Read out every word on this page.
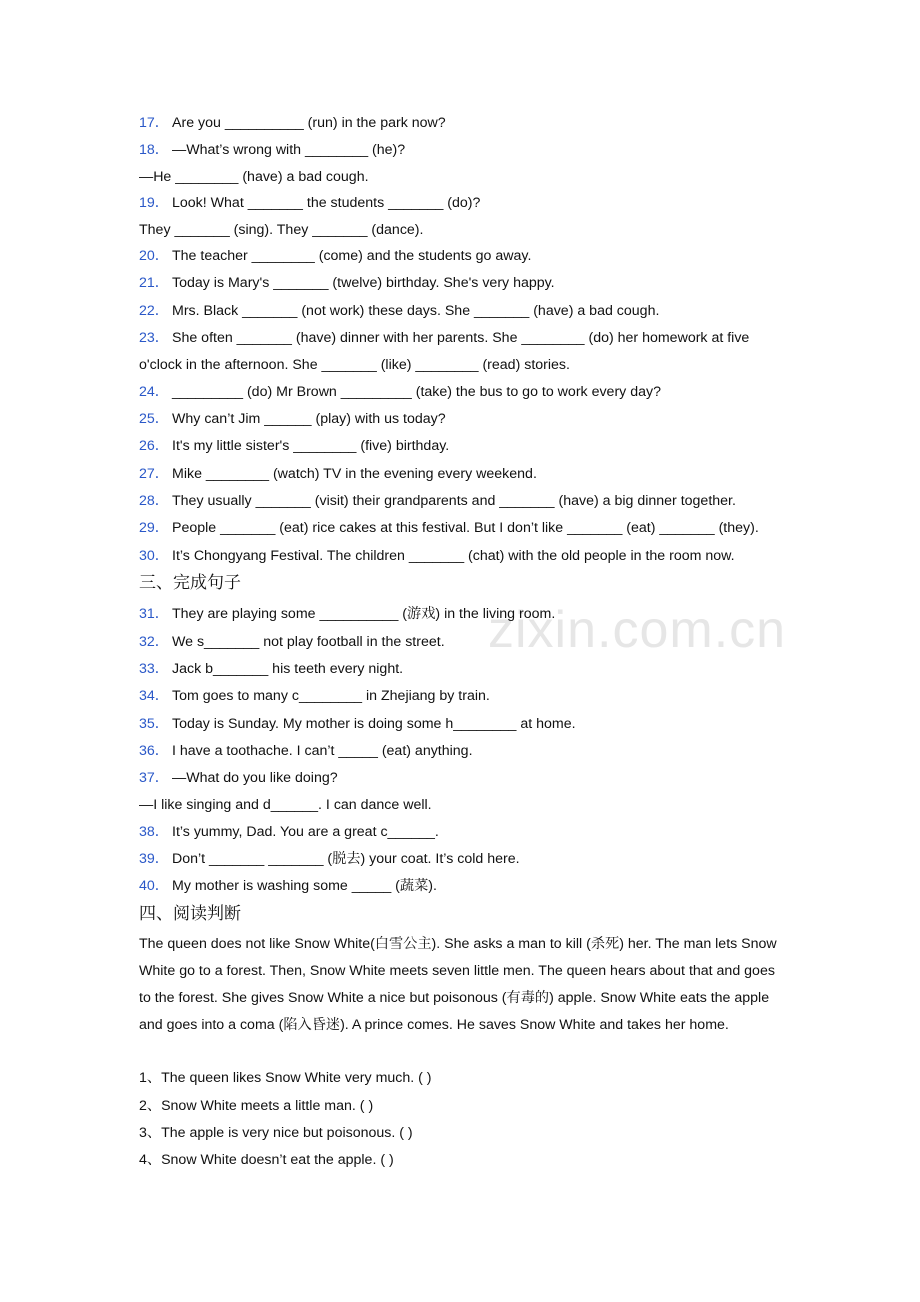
zixin.com.cn
17． Are you __________ (run) in the park now?
18． —What’s wrong with ________ (he)?
—He ________ (have) a bad cough.
19． Look! What _______ the students _______ (do)?
They _______ (sing). They _______ (dance).
20． The teacher ________ (come) and the students go away.
21． Today is Mary's _______ (twelve) birthday. She's very happy.
22． Mrs. Black _______ (not work) these days. She _______ (have) a bad cough.
23． She often _______ (have) dinner with her parents. She ________ (do) her homework at five
o'clock in the afternoon. She _______ (like) ________ (read) stories.
24． _________ (do) Mr Brown _________ (take) the bus to go to work every day?
25． Why can’t Jim ______ (play) with us today?
26． It's my little sister's ________ (five) birthday.
27． Mike ________ (watch) TV in the evening every weekend.
28． They usually _______ (visit) their grandparents and _______ (have) a big dinner together.
29． People _______ (eat) rice cakes at this festival. But I don’t like _______ (eat) _______ (they).
30． It’s Chongyang Festival. The children _______ (chat) with the old people in the room now.
三、完成句子
31． They are playing some __________ (游戏) in the living room.
32． We s_______ not play football in the street.
33． Jack b_______ his teeth every night.
34． Tom goes to many c________ in Zhejiang by train.
35． Today is Sunday. My mother is doing some h________ at home.
36． I have a toothache. I can’t _____ (eat) anything.
37． —What do you like doing?
—I like singing and d______. I can dance well.
38． It’s yummy, Dad. You are a great c______.
39． Don’t _______ _______ (脱去) your coat. It’s cold here.
40． My mother is washing some _____ (蔬菜).
四、阅读判断
The queen does not like Snow White(白雪公主). She asks a man to kill (杀死) her. The man lets Snow White go to a forest. Then, Snow White meets seven little men. The queen hears about that and goes to the forest. She gives Snow White a nice but poisonous (有毒的) apple. Snow White eats the apple and goes into a coma (陷入昏迷). A prince comes. He saves Snow White and takes her home.
1、The queen likes Snow White very much. ( )
2、Snow White meets a little man. ( )
3、The apple is very nice but poisonous. ( )
4、Snow White doesn’t eat the apple. ( )
